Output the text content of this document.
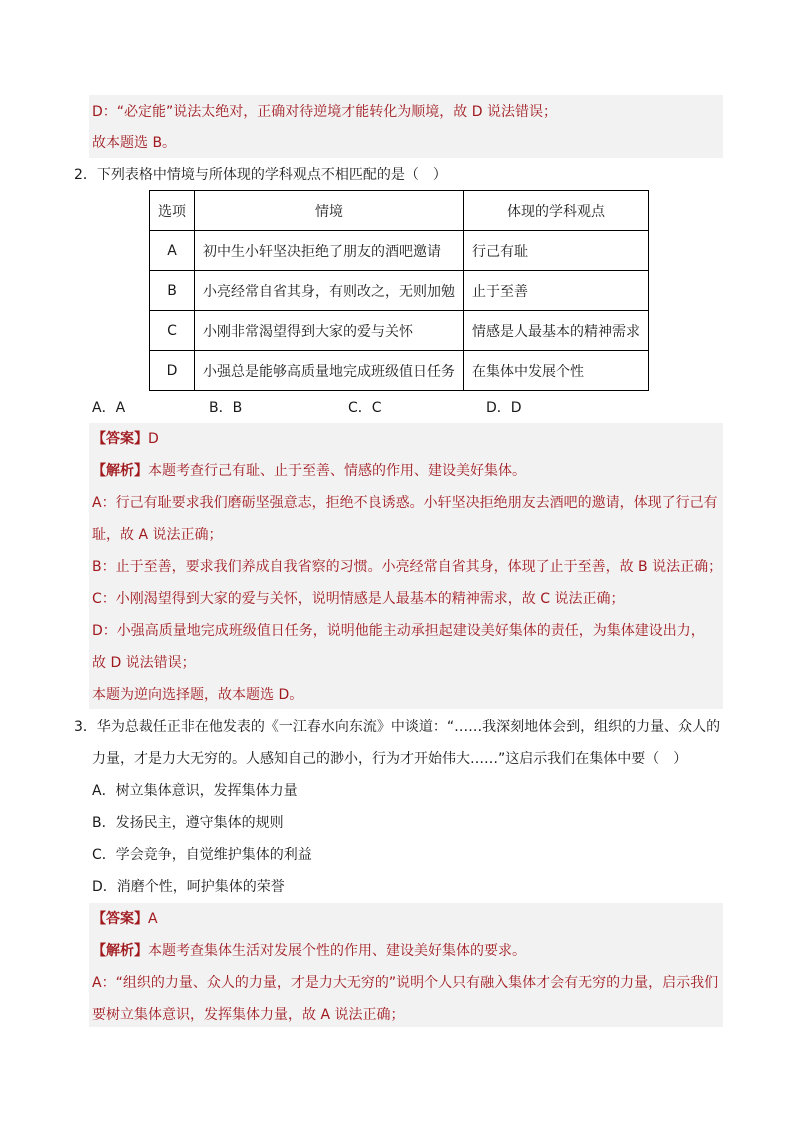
D：“必定能”说法太绝对，正确对待逆境才能转化为顺境，故 D 说法错误；
故本题选 B。
2．下列表格中情境与所体现的学科观点不相匹配的是（　）
选项	情境	体现的学科观点
A	初中生小轩坚决拒绝了朋友的酒吧邀请	行己有耻
B	小亮经常自省其身，有则改之，无则加勉	止于至善
C	小刚非常渴望得到大家的爱与关怀	情感是人最基本的精神需求
D	小强总是能够高质量地完成班级值日任务	在集体中发展个性
A．A	B．B	C．C	D．D
【答案】D
【解析】本题考查行己有耻、止于至善、情感的作用、建设美好集体。
A：行己有耻要求我们磨砺坚强意志，拒绝不良诱惑。小轩坚决拒绝朋友去酒吧的邀请，体现了行己有
耻，故 A 说法正确；
B：止于至善，要求我们养成自我省察的习惯。小亮经常自省其身，体现了止于至善，故 B 说法正确；
C：小刚渴望得到大家的爱与关怀，说明情感是人最基本的精神需求，故 C 说法正确；
D：小强高质量地完成班级值日任务，说明他能主动承担起建设美好集体的责任，为集体建设出力，
故 D 说法错误；
本题为逆向选择题，故本题选 D。
3．华为总裁任正非在他发表的《一江春水向东流》中谈道：“……我深刻地体会到，组织的力量、众人的
力量，才是力大无穷的。人感知自己的渺小，行为才开始伟大……”这启示我们在集体中要（　）
A．树立集体意识，发挥集体力量
B．发扬民主，遵守集体的规则
C．学会竞争，自觉维护集体的利益
D．消磨个性，呵护集体的荣誉
【答案】A
【解析】本题考查集体生活对发展个性的作用、建设美好集体的要求。
A：“组织的力量、众人的力量，才是力大无穷的”说明个人只有融入集体才会有无穷的力量，启示我们
要树立集体意识，发挥集体力量，故 A 说法正确；
